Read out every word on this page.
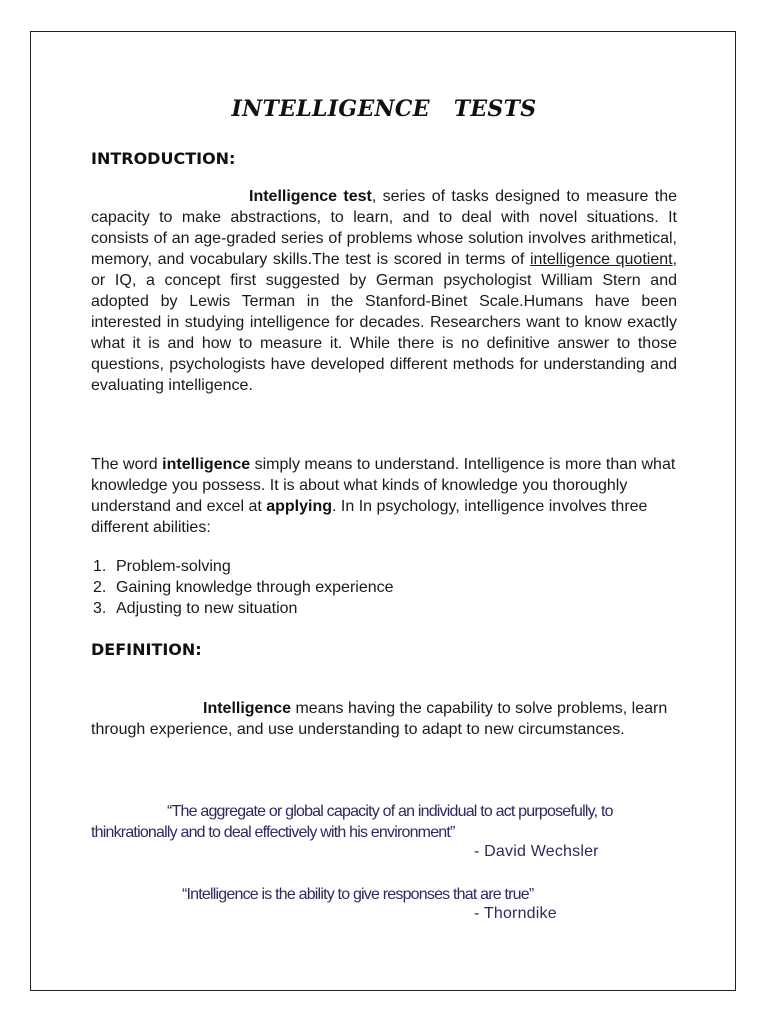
INTELLIGENCE   TESTS
INTRODUCTION:
Intelligence test, series of tasks designed to measure the capacity to make abstractions, to learn, and to deal with novel situations. It consists of an age-graded series of problems whose solution involves arithmetical, memory, and vocabulary skills.The test is scored in terms of intelligence quotient, or IQ, a concept first suggested by German psychologist William Stern and adopted by Lewis Terman in the Stanford-Binet Scale.Humans have been interested in studying intelligence for decades. Researchers want to know exactly what it is and how to measure it. While there is no definitive answer to those questions, psychologists have developed different methods for understanding and evaluating intelligence.
The word intelligence simply means to understand. Intelligence is more than what knowledge you possess. It is about what kinds of knowledge you thoroughly understand and excel at applying. In In psychology, intelligence involves three different abilities:
1. Problem-solving
2. Gaining knowledge through experience
3. Adjusting to new situation
DEFINITION:
Intelligence means having the capability to solve problems, learn through experience, and use understanding to adapt to new circumstances.
“The aggregate or global capacity of an individual to act purposefully, to thinkrationally and to deal effectively with his environment”
- David Wechsler
“Intelligence is the ability to give responses that are true”
- Thorndike
